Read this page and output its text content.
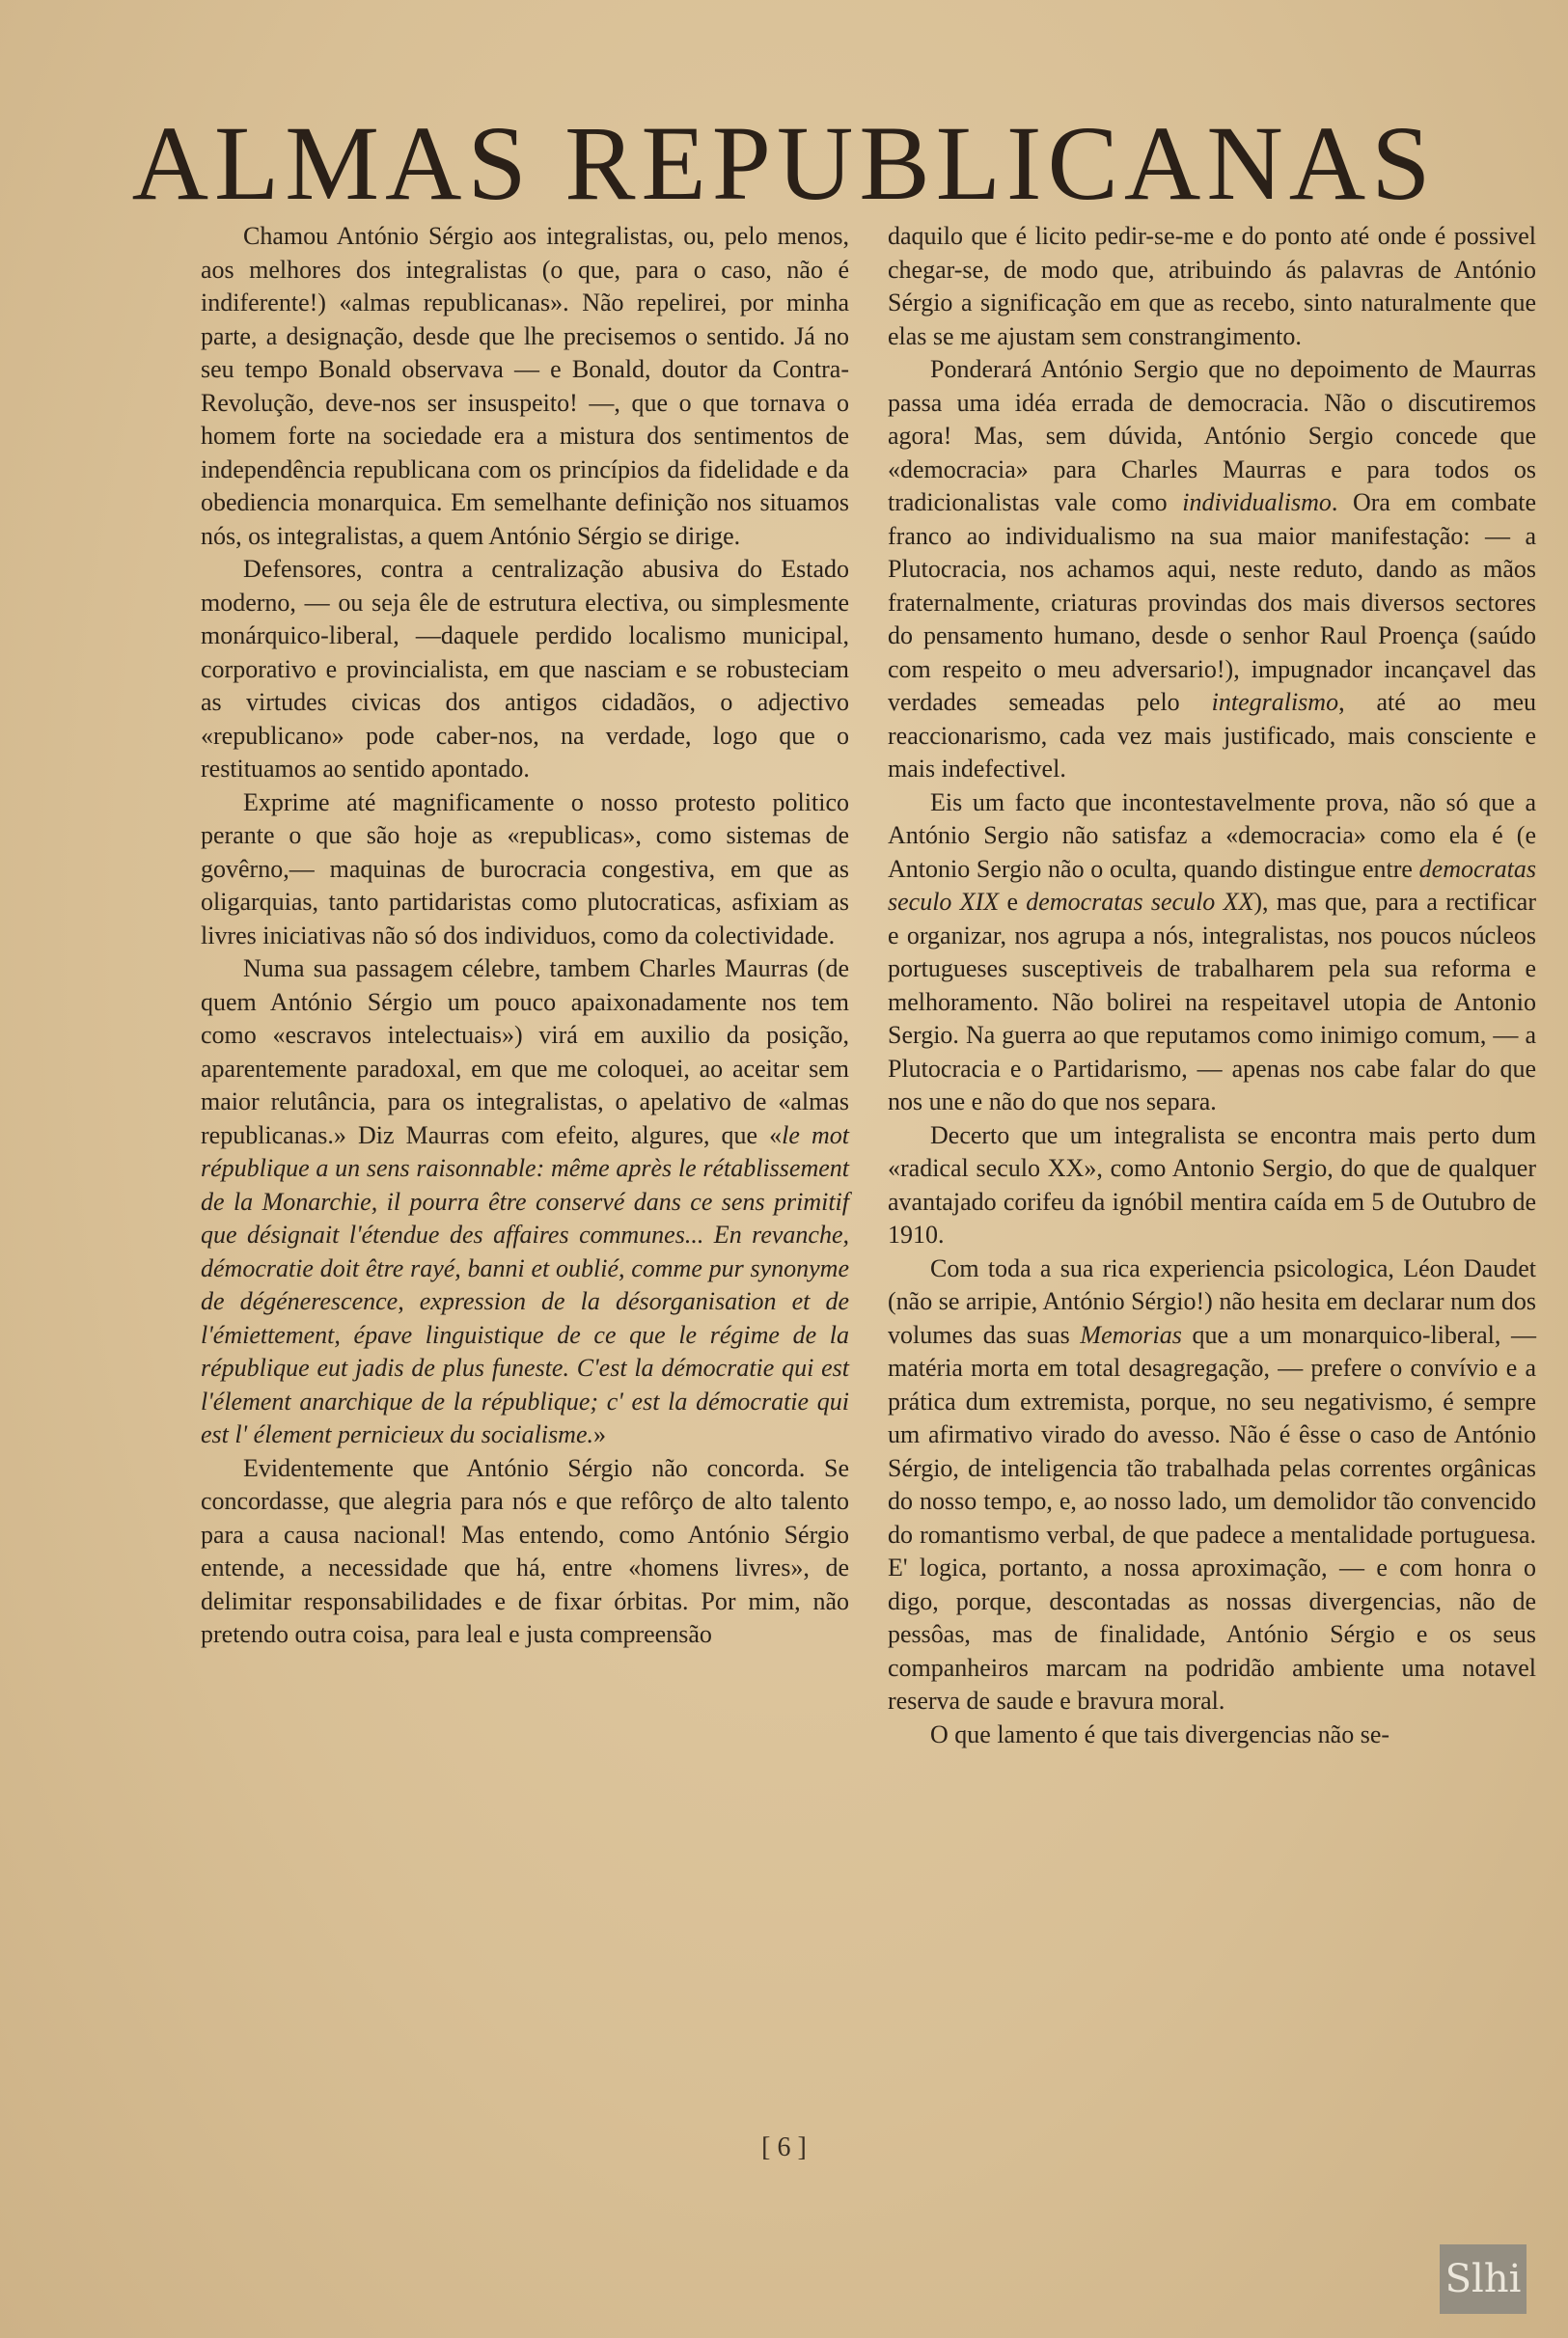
ALMAS REPUBLICANAS

Chamou António Sérgio aos integralistas, ou, pelo menos, aos melhores dos integralistas (o que, para o caso, não é indiferente!) «almas republicanas». Não repelirei, por minha parte, a designação, desde que lhe precisemos o sentido. Já no seu tempo Bonald observava — e Bonald, doutor da Contra-Revolução, deve-nos ser insuspeito! —, que o que tornava o homem forte na sociedade era a mistura dos sentimentos de independência republicana com os princípios da fidelidade e da obediencia monarquica. Em semelhante definição nos situamos nós, os integralistas, a quem António Sérgio se dirige.

Defensores, contra a centralização abusiva do Estado moderno, — ou seja êle de estrutura electiva, ou simplesmente monárquico-liberal, —daquele perdido localismo municipal, corporativo e provincialista, em que nasciam e se robusteciam as virtudes civicas dos antigos cidadãos, o adjectivo «republicano» pode caber-nos, na verdade, logo que o restituamos ao sentido apontado.

Exprime até magnificamente o nosso protesto politico perante o que são hoje as «republicas», como sistemas de govêrno,— maquinas de burocracia congestiva, em que as oligarquias, tanto partidaristas como plutocraticas, asfixiam as livres iniciativas não só dos individuos, como da colectividade.

Numa sua passagem célebre, tambem Charles Maurras (de quem António Sérgio um pouco apaixonadamente nos tem como «escravos intelectuais») virá em auxilio da posição, aparentemente paradoxal, em que me coloquei, ao aceitar sem maior relutância, para os integralistas, o apelativo de «almas republicanas.» Diz Maurras com efeito, algures, que «le mot république a un sens raisonnable: même après le rétablissement de la Monarchie, il pourra être conservé dans ce sens primitif que désignait l'étendue des affaires communes... En revanche, démocratie doit être rayé, banni et oublié, comme pur synonyme de dégénerescence, expression de la désorganisation et de l'émiettement, épave linguistique de ce que le régime de la république eut jadis de plus funeste. C'est la démocratie qui est l'élement anarchique de la république; c' est la démocratie qui est l' élement pernicieux du socialisme.»

Evidentemente que António Sérgio não concorda. Se concordasse, que alegria para nós e que refôrço de alto talento para a causa nacional! Mas entendo, como António Sérgio entende, a necessidade que há, entre «homens livres», de delimitar responsabilidades e de fixar órbitas. Por mim, não pretendo outra coisa, para leal e justa compreensão

daquilo que é licito pedir-se-me e do ponto até onde é possivel chegar-se, de modo que, atribuindo ás palavras de António Sérgio a significação em que as recebo, sinto naturalmente que elas se me ajustam sem constrangimento.

Ponderará António Sergio que no depoimento de Maurras passa uma idéa errada de democracia. Não o discutiremos agora! Mas, sem dúvida, António Sergio concede que «democracia» para Charles Maurras e para todos os tradicionalistas vale como individualismo. Ora em combate franco ao individualismo na sua maior manifestação: — a Plutocracia, nos achamos aqui, neste reduto, dando as mãos fraternalmente, criaturas provindas dos mais diversos sectores do pensamento humano, desde o senhor Raul Proença (saúdo com respeito o meu adversario!), impugnador incançavel das verdades semeadas pelo integralismo, até ao meu reaccionarismo, cada vez mais justificado, mais consciente e mais indefectivel.

Eis um facto que incontestavelmente prova, não só que a António Sergio não satisfaz a «democracia» como ela é (e Antonio Sergio não o oculta, quando distingue entre democratas seculo XIX e democratas seculo XX), mas que, para a rectificar e organizar, nos agrupa a nós, integralistas, nos poucos núcleos portugueses susceptiveis de trabalharem pela sua reforma e melhoramento. Não bolirei na respeitavel utopia de Antonio Sergio. Na guerra ao que reputamos como inimigo comum, — a Plutocracia e o Partidarismo, — apenas nos cabe falar do que nos une e não do que nos separa.

Decerto que um integralista se encontra mais perto dum «radical seculo XX», como Antonio Sergio, do que de qualquer avantajado corifeu da ignóbil mentira caída em 5 de Outubro de 1910.

Com toda a sua rica experiencia psicologica, Léon Daudet (não se arripie, António Sérgio!) não hesita em declarar num dos volumes das suas Memorias que a um monarquico-liberal, — matéria morta em total desagregação, — prefere o convívio e a prática dum extremista, porque, no seu negativismo, é sempre um afirmativo virado do avesso. Não é êsse o caso de António Sérgio, de inteligencia tão trabalhada pelas correntes orgânicas do nosso tempo, e, ao nosso lado, um demolidor tão convencido do romantismo verbal, de que padece a mentalidade portuguesa. E' logica, portanto, a nossa aproximação, — e com honra o digo, porque, descontadas as nossas divergencias, não de pessôas, mas de finalidade, António Sérgio e os seus companheiros marcam na podridão ambiente uma notavel reserva de saude e bravura moral.

O que lamento é que tais divergencias não se-

[ 6 ]
Slhi
